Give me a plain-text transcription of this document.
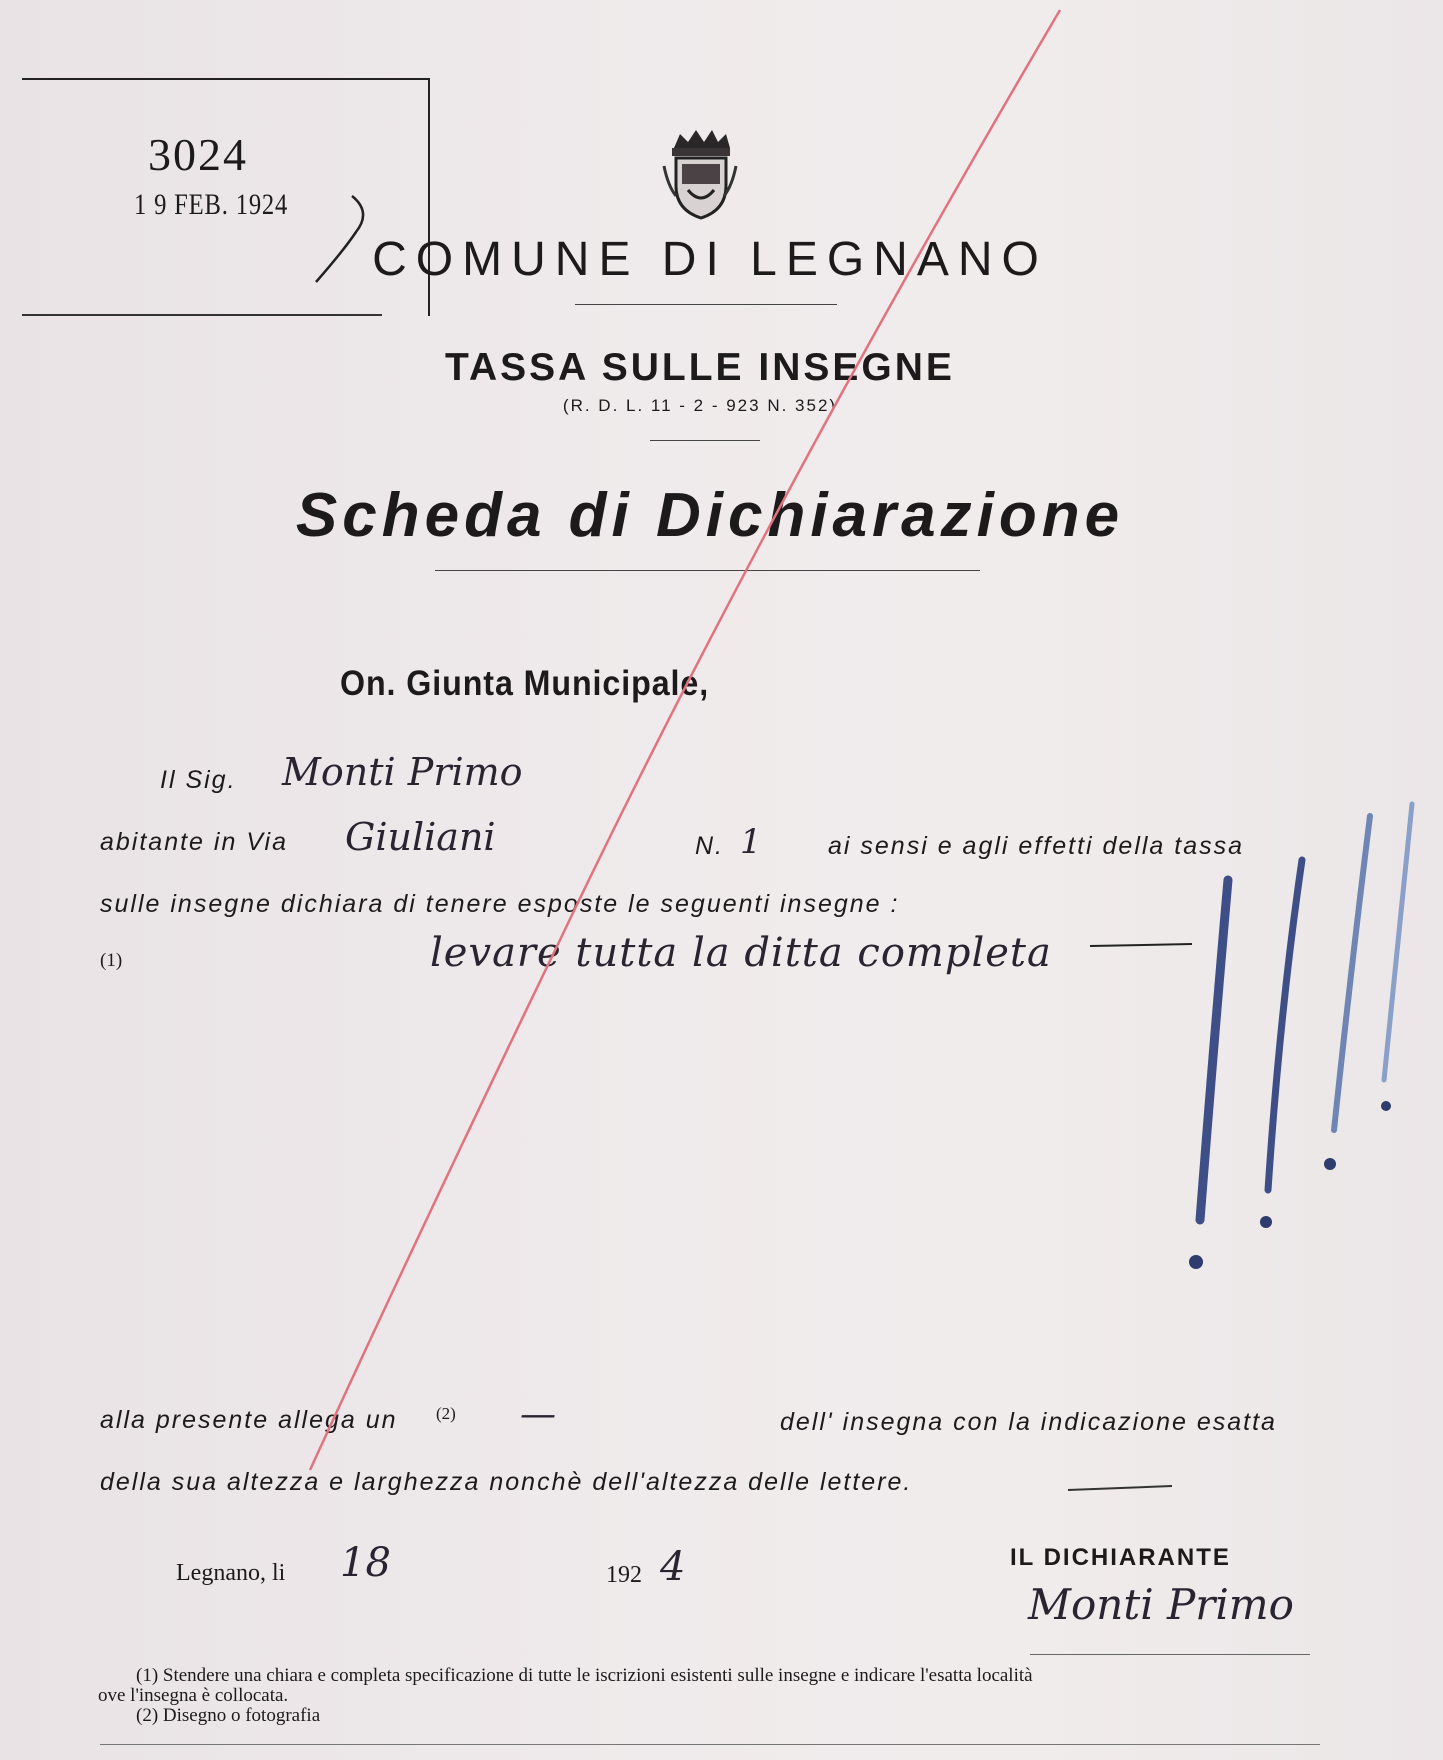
3024
1 9 FEB. 1924
COMUNE DI LEGNANO
TASSA SULLE INSEGNE
(R. D. L. 11 - 2 - 923 N. 352)
Scheda di Dichiarazione
On. Giunta Municipale,
Il Sig. Monti Primo
abitante in Via Giuliani	N. 1	ai sensi e agli effetti della tassa
sulle insegne dichiara di tenere esposte le seguenti insegne :
(1)	levare tutta la ditta completa
alla presente allega un (2) —	dell' insegna con la indicazione esatta
della sua altezza e larghezza nonchè dell'altezza delle lettere.
Legnano, li 18	192 4	IL DICHIARANTE
Monti Primo
(1) Stendere una chiara e completa specificazione di tutte le iscrizioni esistenti sulle insegne e indicare l'esatta località
ove l'insegna è collocata.
(2) Disegno o fotografia
